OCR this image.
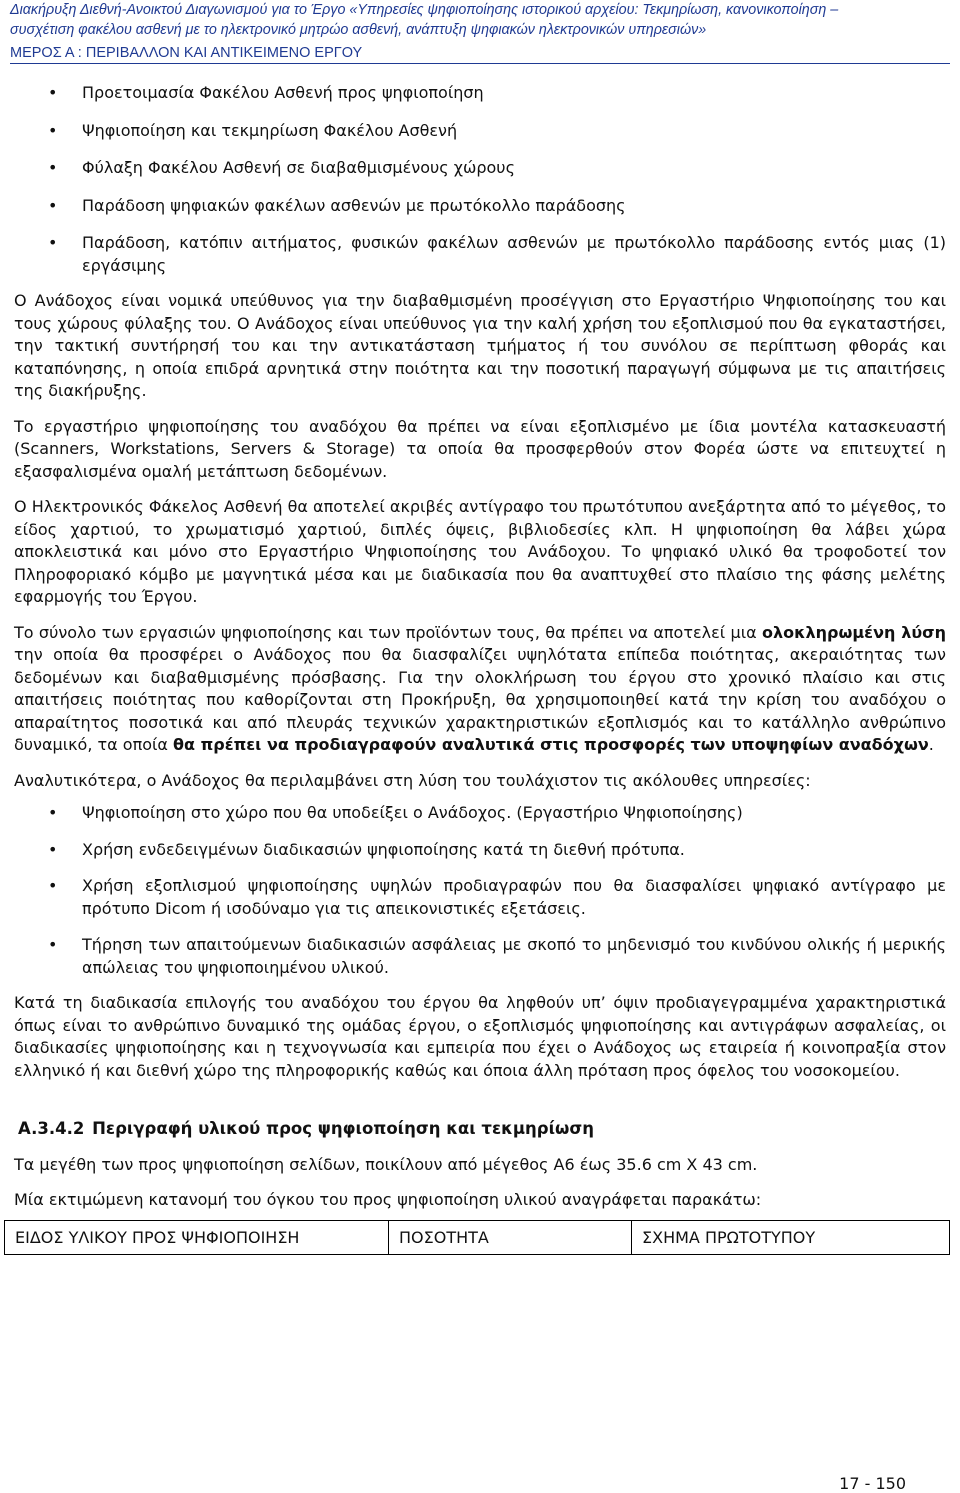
Διακήρυξη Διεθνή-Ανοικτού Διαγωνισμού για το Έργο «Υπηρεσίες ψηφιοποίησης ιστορικού αρχείου: Τεκμηρίωση, κανονικοποίηση –
συσχέτιση φακέλου ασθενή με το ηλεκτρονικό μητρώο ασθενή, ανάπτυξη ψηφιακών ηλεκτρονικών υπηρεσιών»
ΜΕΡΟΣ Α : ΠΕΡΙΒΑΛΛΟΝ ΚΑΙ ΑΝΤΙΚΕΙΜΕΝΟ ΕΡΓΟΥ
• Προετοιμασία Φακέλου Ασθενή προς ψηφιοποίηση
• Ψηφιοποίηση και τεκμηρίωση Φακέλου Ασθενή
• Φύλαξη Φακέλου Ασθενή σε διαβαθμισμένους χώρους
• Παράδοση ψηφιακών φακέλων ασθενών με πρωτόκολλο παράδοσης
• Παράδοση, κατόπιν αιτήματος, φυσικών φακέλων ασθενών με πρωτόκολλο παράδοσης εντός μιας (1) εργάσιμης

Ο Ανάδοχος είναι νομικά υπεύθυνος για την διαβαθμισμένη προσέγγιση στο Εργαστήριο Ψηφιοποίησης του και τους χώρους φύλαξης του. Ο Ανάδοχος είναι υπεύθυνος για την καλή χρήση του εξοπλισμού που θα εγκαταστήσει, την τακτική συντήρησή του και την αντικατάσταση τμήματος ή του συνόλου σε περίπτωση φθοράς και καταπόνησης, η οποία επιδρά αρνητικά στην ποιότητα και την ποσοτική παραγωγή σύμφωνα με τις απαιτήσεις της διακήρυξης.

Το εργαστήριο ψηφιοποίησης του αναδόχου θα πρέπει να είναι εξοπλισμένο με ίδια μοντέλα κατασκευαστή (Scanners, Workstations, Servers & Storage) τα οποία θα προσφερθούν στον Φορέα ώστε να επιτευχτεί η εξασφαλισμένα ομαλή μετάπτωση δεδομένων.

Ο Ηλεκτρονικός Φάκελος Ασθενή θα αποτελεί ακριβές αντίγραφο του πρωτότυπου ανεξάρτητα από το μέγεθος, το είδος χαρτιού, το χρωματισμό χαρτιού, διπλές όψεις, βιβλιοδεσίες κλπ. Η ψηφιοποίηση θα λάβει χώρα αποκλειστικά και μόνο στο Εργαστήριο Ψηφιοποίησης του Ανάδοχου. Το ψηφιακό υλικό θα τροφοδοτεί τον Πληροφοριακό κόμβο με μαγνητικά μέσα και με διαδικασία που θα αναπτυχθεί στο πλαίσιο της φάσης μελέτης εφαρμογής του Έργου.

Το σύνολο των εργασιών ψηφιοποίησης και των προϊόντων τους, θα πρέπει να αποτελεί μια ολοκληρωμένη λύση την οποία θα προσφέρει ο Ανάδοχος που θα διασφαλίζει υψηλότατα επίπεδα ποιότητας, ακεραιότητας των δεδομένων και διαβαθμισμένης πρόσβασης. Για την ολοκλήρωση του έργου στο χρονικό πλαίσιο και στις απαιτήσεις ποιότητας που καθορίζονται στη Προκήρυξη, θα χρησιμοποιηθεί κατά την κρίση του αναδόχου ο απαραίτητος ποσοτικά και από πλευράς τεχνικών χαρακτηριστικών εξοπλισμός και το κατάλληλο ανθρώπινο δυναμικό, τα οποία θα πρέπει να προδιαγραφούν αναλυτικά στις προσφορές των υποψηφίων αναδόχων.

Αναλυτικότερα, ο Ανάδοχος θα περιλαμβάνει στη λύση του τουλάχιστον τις ακόλουθες υπηρεσίες:

• Ψηφιοποίηση στο χώρο που θα υποδείξει ο Ανάδοχος. (Εργαστήριο Ψηφιοποίησης)
• Χρήση ενδεδειγμένων διαδικασιών ψηφιοποίησης κατά τη διεθνή πρότυπα.
• Χρήση εξοπλισμού ψηφιοποίησης υψηλών προδιαγραφών που θα διασφαλίσει ψηφιακό αντίγραφο με πρότυπο Dicom ή ισοδύναμο για τις απεικονιστικές εξετάσεις.
• Τήρηση των απαιτούμενων διαδικασιών ασφάλειας με σκοπό το μηδενισμό του κινδύνου ολικής ή μερικής απώλειας του ψηφιοποιημένου υλικού.

Κατά τη διαδικασία επιλογής του αναδόχου του έργου θα ληφθούν υπ’ όψιν προδιαγεγραμμένα χαρακτηριστικά όπως είναι το ανθρώπινο δυναμικό της ομάδας έργου, ο εξοπλισμός ψηφιοποίησης και αντιγράφων ασφαλείας, οι διαδικασίες ψηφιοποίησης και η τεχνογνωσία και εμπειρία που έχει ο Ανάδοχος ως εταιρεία ή κοινοπραξία στον ελληνικό ή και διεθνή χώρο της πληροφορικής καθώς και όποια άλλη πρόταση προς όφελος του νοσοκομείου.

A.3.4.2 Περιγραφή υλικού προς ψηφιοποίηση και τεκμηρίωση

Τα μεγέθη των προς ψηφιοποίηση σελίδων, ποικίλουν από μέγεθος Α6 έως 35.6 cm Χ 43 cm.

Μία εκτιμώμενη κατανομή του όγκου του προς ψηφιοποίηση υλικού αναγράφεται παρακάτω:

ΕΙΔΟΣ ΥΛΙΚΟΥ ΠΡΟΣ ΨΗΦΙΟΠΟΙΗΣΗ	ΠΟΣΟΤΗΤΑ	ΣΧΗΜΑ ΠΡΩΤΟΤΥΠΟΥ
17 - 150
